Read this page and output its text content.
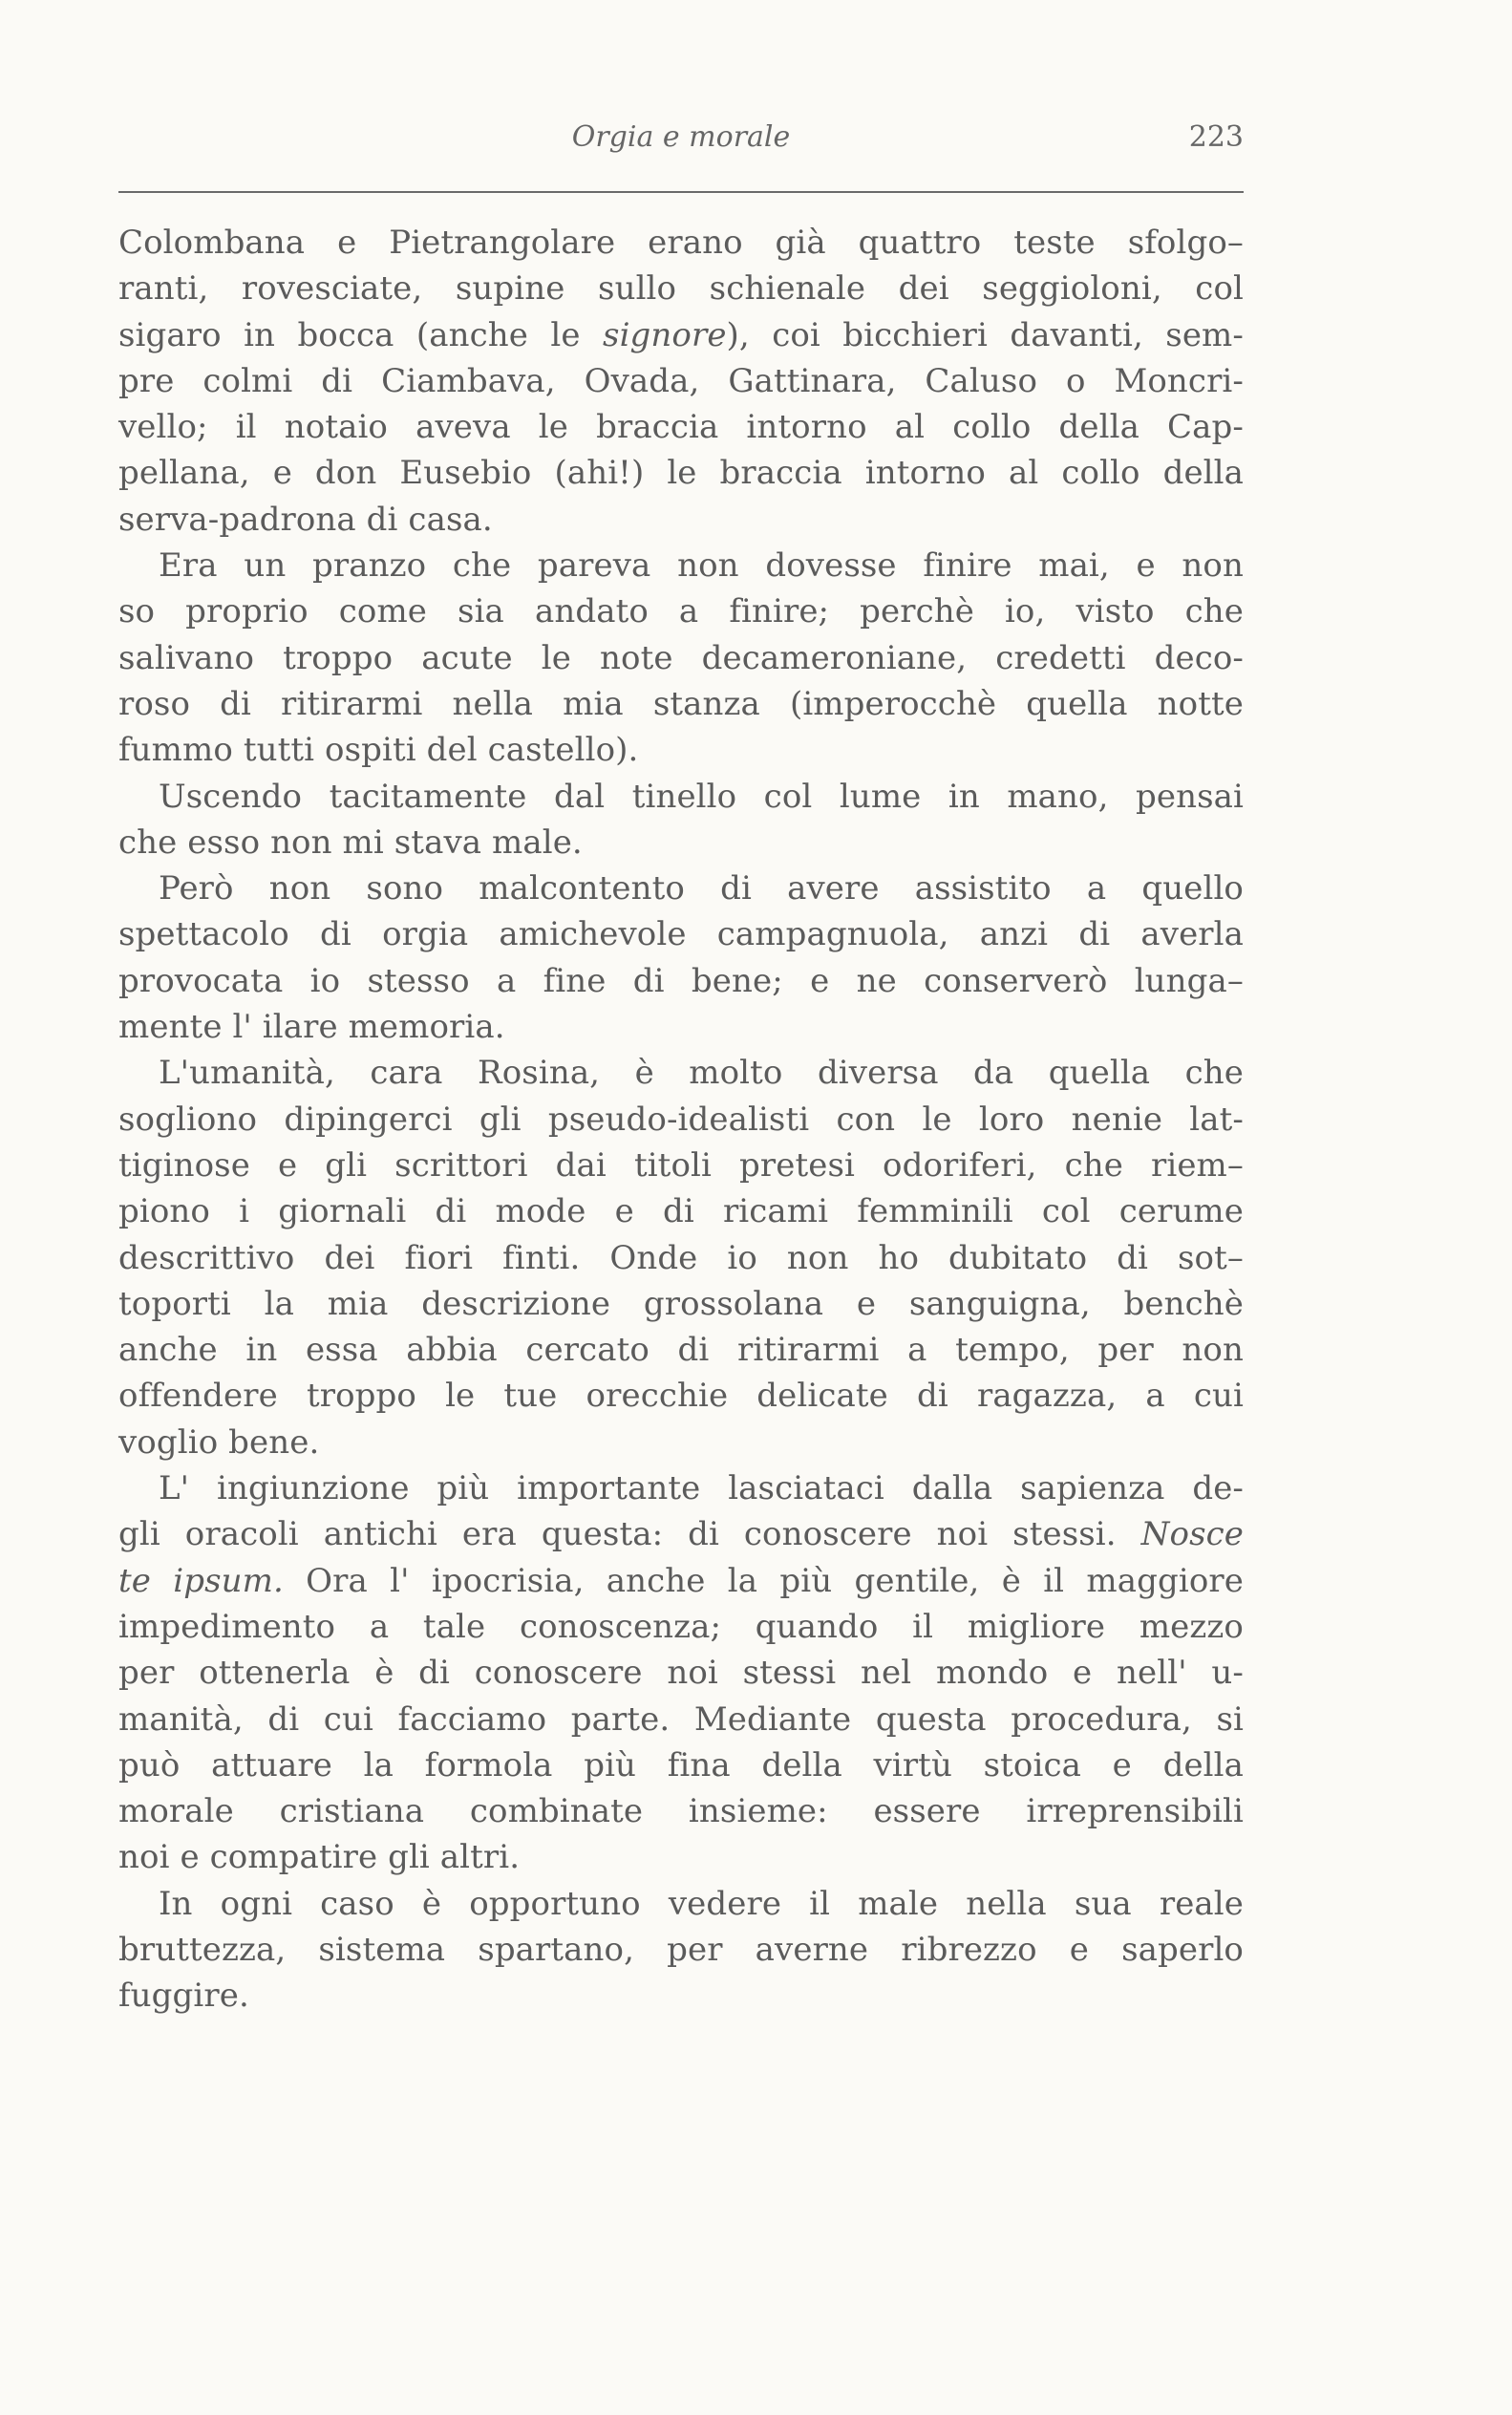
Orgia e morale	223
Colombana e Pietrangolare erano già quattro teste sfolgo–
ranti, rovesciate, supine sullo schienale dei seggioloni, col
sigaro in bocca (anche le signore), coi bicchieri davanti, sem-
pre colmi di Ciambava, Ovada, Gattinara, Caluso o Moncri-
vello; il notaio aveva le braccia intorno al collo della Cap-
pellana, e don Eusebio (ahi!) le braccia intorno al collo della
serva-padrona di casa.
Era un pranzo che pareva non dovesse finire mai, e non
so proprio come sia andato a finire; perchè io, visto che
salivano troppo acute le note decameroniane, credetti deco-
roso di ritirarmi nella mia stanza (imperocchè quella notte
fummo tutti ospiti del castello).
Uscendo tacitamente dal tinello col lume in mano, pensai
che esso non mi stava male.
Però non sono malcontento di avere assistito a quello
spettacolo di orgia amichevole campagnuola, anzi di averla
provocata io stesso a fine di bene; e ne conserverò lunga–
mente l' ilare memoria.
L'umanità, cara Rosina, è molto diversa da quella che
sogliono dipingerci gli pseudo-idealisti con le loro nenie lat-
tiginose e gli scrittori dai titoli pretesi odoriferi, che riem–
piono i giornali di mode e di ricami femminili col cerume
descrittivo dei fiori finti. Onde io non ho dubitato di sot–
toporti la mia descrizione grossolana e sanguigna, benchè
anche in essa abbia cercato di ritirarmi a tempo, per non
offendere troppo le tue orecchie delicate di ragazza, a cui
voglio bene.
L' ingiunzione più importante lasciataci dalla sapienza de-
gli oracoli antichi era questa: di conoscere noi stessi. Nosce
te ipsum. Ora l' ipocrisia, anche la più gentile, è il maggiore
impedimento a tale conoscenza; quando il migliore mezzo
per ottenerla è di conoscere noi stessi nel mondo e nell' u-
manità, di cui facciamo parte. Mediante questa procedura, si
può attuare la formola più fina della virtù stoica e della
morale cristiana combinate insieme: essere irreprensibili
noi e compatire gli altri.
In ogni caso è opportuno vedere il male nella sua reale
bruttezza, sistema spartano, per averne ribrezzo e saperlo
fuggire.
